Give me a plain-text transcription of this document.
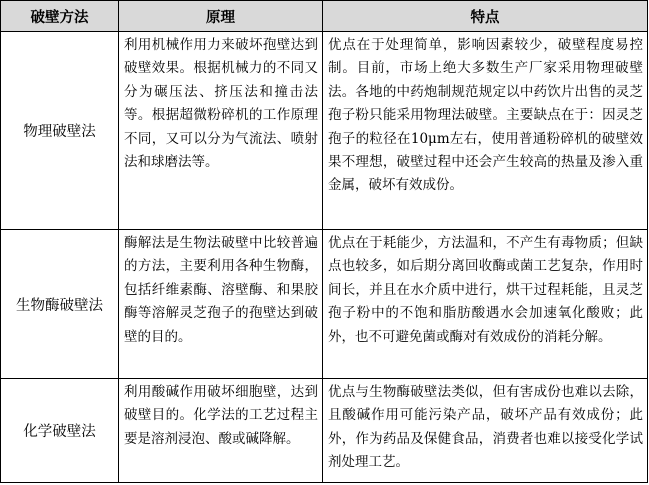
破壁方法	原理	特点
物理破壁法	利用机械作用力来破坏孢壁达到破壁效果。根据机械力的不同又分为碾压法、挤压法和撞击法等。根据超微粉碎机的工作原理不同，又可以分为气流法、喷射法和球磨法等。	优点在于处理简单，影响因素较少，破壁程度易控制。目前，市场上绝大多数生产厂家采用物理破壁法。各地的中药炮制规范规定以中药饮片出售的灵芝孢子粉只能采用物理法破壁。主要缺点在于：因灵芝孢子的粒径在10μm左右，使用普通粉碎机的破壁效果不理想，破壁过程中还会产生较高的热量及渗入重金属，破坏有效成份。
生物酶破壁法	酶解法是生物法破壁中比较普遍的方法，主要利用各种生物酶，包括纤维素酶、溶壁酶、和果胶酶等溶解灵芝孢子的孢壁达到破壁的目的。	优点在于耗能少，方法温和，不产生有毒物质；但缺点也较多，如后期分离回收酶或菌工艺复杂，作用时间长，并且在水介质中进行，烘干过程耗能，且灵芝孢子粉中的不饱和脂肪酸遇水会加速氧化酸败；此外，也不可避免菌或酶对有效成份的消耗分解。
化学破壁法	利用酸碱作用破坏细胞壁，达到破壁目的。化学法的工艺过程主要是溶剂浸泡、酸或碱降解。	优点与生物酶破壁法类似，但有害成份也难以去除，且酸碱作用可能污染产品，破坏产品有效成份；此外，作为药品及保健食品，消费者也难以接受化学试剂处理工艺。
